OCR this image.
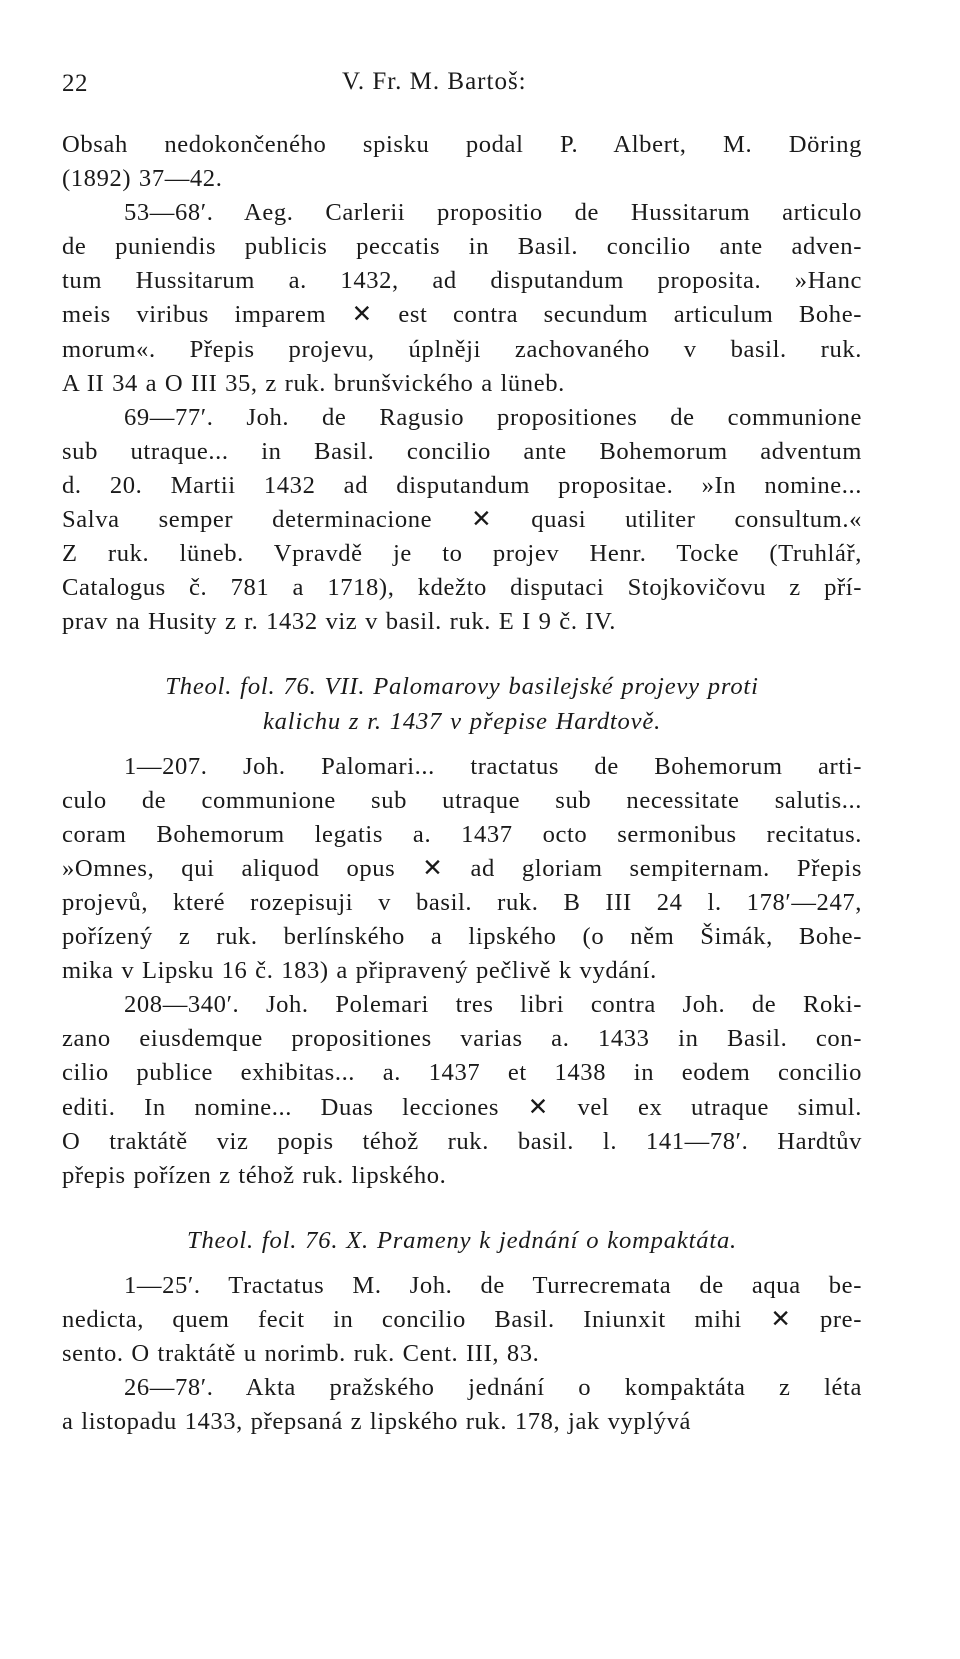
22	V. Fr. M. Bartoš:
Obsah nedokončeného spisku podal P. Albert, M. Döring
(1892) 37—42.
53—68′. Aeg. Carlerii propositio de Hussitarum articulo
de puniendis publicis peccatis in Basil. concilio ante adven-
tum Hussitarum a. 1432, ad disputandum proposita. »Hanc
meis viribus imparem ✕ est contra secundum articulum Bohe-
morum«. Přepis projevu, úplněji zachovaného v basil. ruk.
A II 34 a O III 35, z ruk. brunšvického a lüneb.
69—77′. Joh. de Ragusio propositiones de communione
sub utraque... in Basil. concilio ante Bohemorum adventum
d. 20. Martii 1432 ad disputandum propositae. »In nomine...
Salva semper determinacione ✕ quasi utiliter consultum.«
Z ruk. lüneb. Vpravdě je to projev Henr. Tocke (Truhlář,
Catalogus č. 781 a 1718), kdežto disputaci Stojkovičovu z pří-
prav na Husity z r. 1432 viz v basil. ruk. E I 9 č. IV.
Theol. fol. 76. VII. Palomarovy basilejské projevy proti
kalichu z r. 1437 v přepise Hardtově.
1—207. Joh. Palomari... tractatus de Bohemorum arti-
culo de communione sub utraque sub necessitate salutis...
coram Bohemorum legatis a. 1437 octo sermonibus recitatus.
»Omnes, qui aliquod opus ✕ ad gloriam sempiternam. Přepis
projevů, které rozepisuji v basil. ruk. B III 24 l. 178′—247,
pořízený z ruk. berlínského a lipského (o něm Šimák, Bohe-
mika v Lipsku 16 č. 183) a připravený pečlivě k vydání.
208—340′. Joh. Polemari tres libri contra Joh. de Roki-
zano eiusdemque propositiones varias a. 1433 in Basil. con-
cilio publice exhibitas... a. 1437 et 1438 in eodem concilio
editi. In nomine... Duas lecciones ✕ vel ex utraque simul.
O traktátě viz popis téhož ruk. basil. l. 141—78′. Hardtův
přepis pořízen z téhož ruk. lipského.
Theol. fol. 76. X. Prameny k jednání o kompaktáta.
1—25′. Tractatus M. Joh. de Turrecremata de aqua be-
nedicta, quem fecit in concilio Basil. Iniunxit mihi ✕ pre-
sento. O traktátě u norimb. ruk. Cent. III, 83.
26—78′. Akta pražského jednání o kompaktáta z léta
a listopadu 1433, přepsaná z lipského ruk. 178, jak vyplývá
